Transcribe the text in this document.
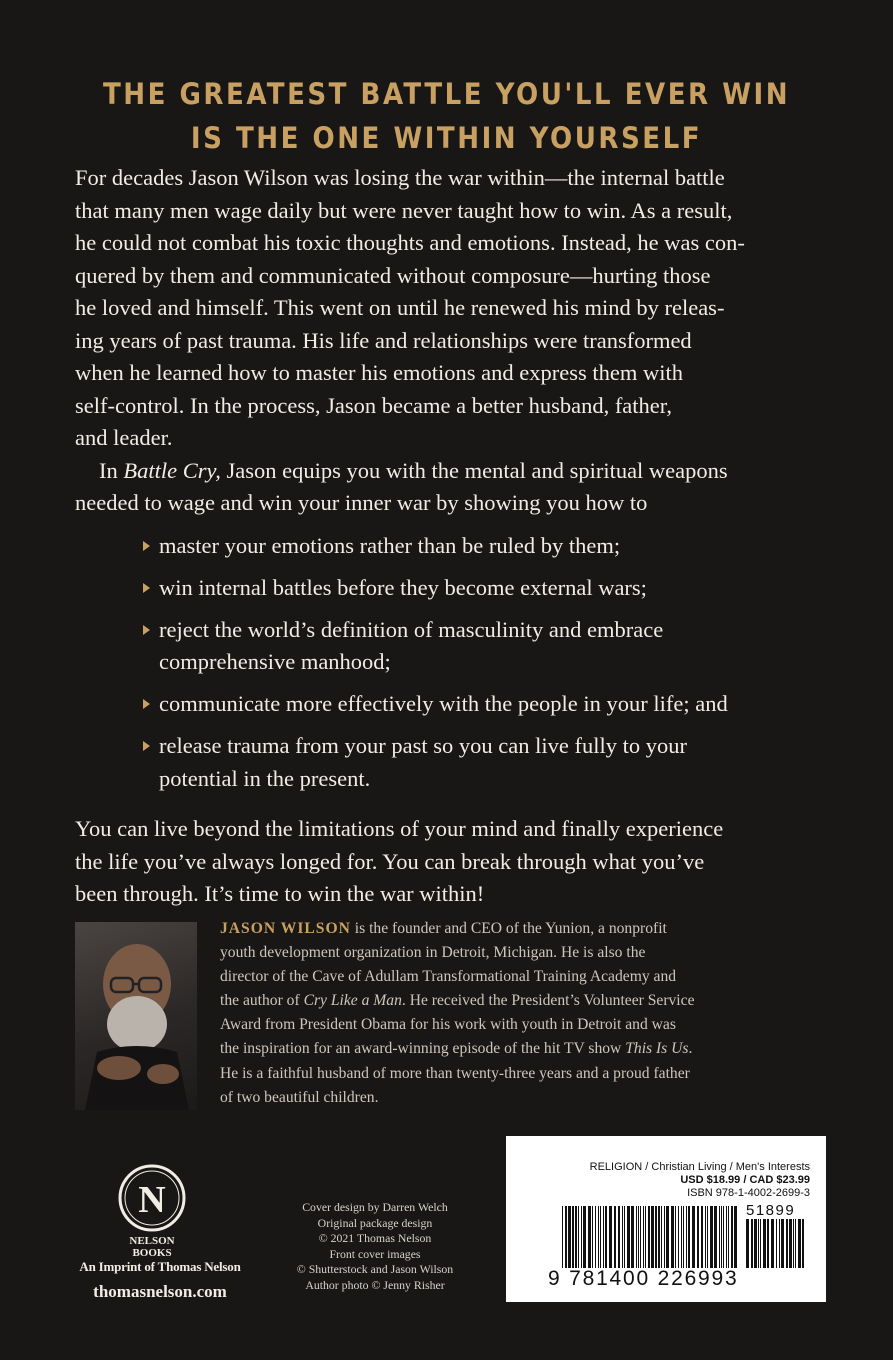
THE GREATEST BATTLE YOU'LL EVER WIN
IS THE ONE WITHIN YOURSELF

For decades Jason Wilson was losing the war within—the internal battle
that many men wage daily but were never taught how to win. As a result,
he could not combat his toxic thoughts and emotions. Instead, he was con-
quered by them and communicated without composure—hurting those
he loved and himself. This went on until he renewed his mind by releas-
ing years of past trauma. His life and relationships were transformed
when he learned how to master his emotions and express them with
self-control. In the process, Jason became a better husband, father,
and leader.

In Battle Cry, Jason equips you with the mental and spiritual weapons
needed to wage and win your inner war by showing you how to

master your emotions rather than be ruled by them;
win internal battles before they become external wars;
reject the world’s definition of masculinity and embrace
comprehensive manhood;
communicate more effectively with the people in your life; and
release trauma from your past so you can live fully to your
potential in the present.

You can live beyond the limitations of your mind and finally experience
the life you’ve always longed for. You can break through what you’ve
been through. It’s time to win the war within!

JASON WILSON is the founder and CEO of the Yunion, a nonprofit
youth development organization in Detroit, Michigan. He is also the
director of the Cave of Adullam Transformational Training Academy and
the author of Cry Like a Man. He received the President’s Volunteer Service
Award from President Obama for his work with youth in Detroit and was
the inspiration for an award-winning episode of the hit TV show This Is Us.
He is a faithful husband of more than twenty-three years and a proud father
of two beautiful children.
N
NELSON
BOOKS
An Imprint of Thomas Nelson
thomasnelson.com
Cover design by Darren Welch
Original package design
© 2021 Thomas Nelson
Front cover images
© Shutterstock and Jason Wilson
Author photo © Jenny Risher
RELIGION / Christian Living / Men's Interests
USD $18.99 / CAD $23.99
ISBN 978-1-4002-2699-3
51899
9 781400 226993
